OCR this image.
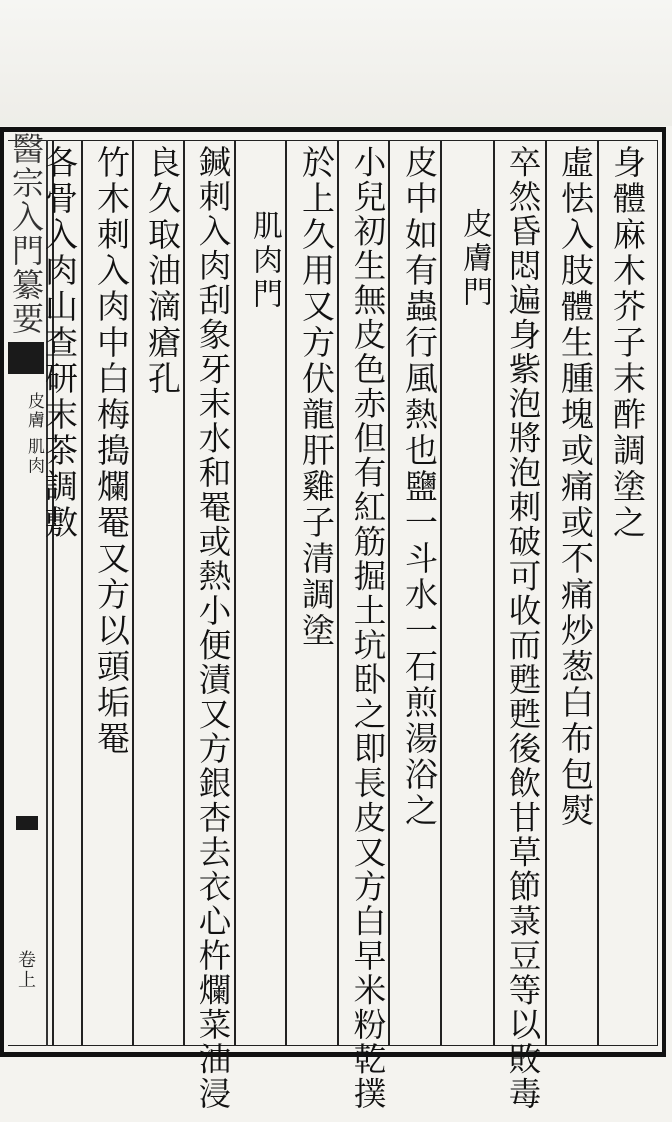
醫宗入門纂要
皮膚 肌肉
卷上
身體麻木芥子末酢調塗之
虛怯入肢體生腫塊或痛或不痛炒葱白布包熨
卒然昏悶遍身紫泡將泡刺破可收而甦甦後飲甘草節菉豆等以敗毒
皮膚門
皮中如有蟲行風熱也鹽一斗水一石煎湯浴之
小兒初生無皮色赤但有紅筋掘土坑卧之即長皮又方白早米粉乾撲
於上久用又方伏龍肝雞子清調塗
肌肉門
鍼刺入肉刮象牙末水和罨或熱小便漬又方銀杏去衣心杵爛菜油浸
良久取油滴瘡孔
竹木刺入肉中白梅搗爛罨又方以頭垢罨
各骨入肉山查研末茶調敷
